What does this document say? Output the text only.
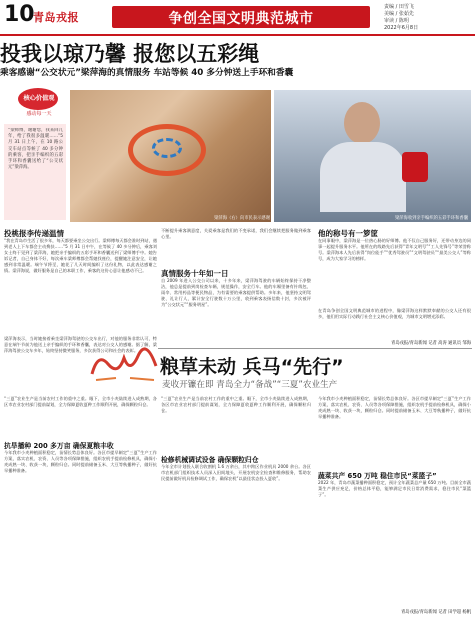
10
青岛戎报	争创全国文明典范城市
责编 / 田雪飞
美编 / 张茹先
审读 / 陈明
2022年6月8日
投我以琼乃馨 报您以五彩绳
乘客感谢“公交状元”梁萍海的真情服务 车站等候 40 多分钟送上手环和香囊
核心价值观
感动每一天
“梁师傅，谢谢您，我来回几年，给了我很多温暖……”5 月 31 日上午，在 10 路公交车站点等候了 40 多分钟的乘客，把亲手编织的五彩手环和香囊送给了“公交状元”梁萍海。
梁萍海（右）向市民表示感谢	梁萍海收到亲手编织的五彩手环和香囊
投桃报李传递温情
“我在青岛市生活了很多年，每天都要乘坐公交出行。梁师傅每天都会准时到站，遇到老人上下车都会主动搀扶……”5 月 31 日中午，在等候了 40 多分钟后，乘客刘女士终于见到了梁萍海，她把亲手编织的五彩手环和香囊送到了梁师傅手中。她告诉记者，自己身体不好，每次乘车梁师傅都会帮她找座位，提醒她注意安全，让她感到非常温暖。端午节将至，她花了几天时间编织了这份礼物，以此表达感谢之情。梁萍海说，做好服务是自己的本职工作，乘客的这份心意让他感动不已。
梁萍海表示，当时她接着乘坐梁萍海驾驶的公交车出行，对他的服务非常认可，特意在端午节前为他送上亲手编织的手环和香囊，表达对公交人的感谢。据了解，梁萍海驾驶公交车多年，始终坚持微笑服务，多次获得公司和社会的表彰。
不断提升乘客满意度，关爱乘客是我们的不变承诺，我们会继续把服务做到乘客心里。
真情服务十年如一日
自 2009 年进入公交公司以来，十多年来，梁萍海驾驶的车辆始终保持干净整洁，他总是提前到岗检查车辆，规范操作，安全行车。他的车厢里备有针线包、雨伞、常用药品等便民物品，为有需要的乘客提供帮助。多年来，他坚持文明驾驶、礼让行人，累计安全行驶数十万公里，收到乘客表扬信数十封，多次被评为“公交状元”“服务明星”。
他的称号有一箩筐
在同事眼中，梁萍海是一位热心肠的好师傅。他不仅自己服务好，还带动身边的同事一起提升服务水平。他所在的线路先后获得“青年文明号”“工人先锋号”等荣誉称号。梁萍海本人先后获得“岗位能手”“优秀驾驶员”“文明驾驶员”“最美公交人”等称号，成为大家学习的榜样。
在青岛争创全国文明典范城市的进程中，像梁萍海这样默默奉献的公交人还有很多，他们用实际行动践行社会主义核心价值观，为城市文明增光添彩。
青岛戎报/青岛新闻 记者 高涛 通讯员 邹海
粮草未动 兵马“先行”
麦收开镰在即 青岛全力“备战”“三夏”农业生产
“三夏”农业生产是当前农村工作的重中之重。眼下，全市小麦陆续进入成熟期，各区市农业农村部门提前谋划，全力保障夏收夏种工作顺利开展，确保颗粒归仓。
抗旱播种 200 多万亩 确保夏粮丰收
今年我市小麦种植面积稳定，苗情长势总体良好。各区市提早制定“三夏”生产工作方案，落实农机、农资、人员等各项保障措施，组织农机手提前检修机具，确保小麦成熟一块、收获一块，颗粒归仓。同时提前储备玉米、大豆等秋播种子，做好抗旱播种准备。
“三夏”农业生产是当前农村工作的重中之重。眼下，全市小麦陆续进入成熟期，各区市农业农村部门提前谋划，全力保障夏收夏种工作顺利开展，确保颗粒归仓。
检修机械调试设备 确保颗粒归仓
今年全市计划投入联合收割机 1.6 万余台，其中跨区作业机具 2000 余台。各区市农机部门组织技术人员深入田间地头，开展农机安全检查和维修服务，帮助农民提前做好机具检修调试工作，确保农机“以最佳状态投入夏收”。
今年我市小麦种植面积稳定，苗情长势总体良好。各区市提早制定“三夏”生产工作方案，落实农机、农资、人员等各项保障措施，组织农机手提前检修机具，确保小麦成熟一块、收获一块，颗粒归仓。同时提前储备玉米、大豆等秋播种子，做好抗旱播种准备。
蔬菜共产 650 万吨 稳住市民“菜篮子”
2022 年，青岛市蔬菜播种面积稳定，预计全年蔬菜总产量 650 万吨。目前全市蔬菜生产供应充足，价格总体平稳，能够满足市民日常消费需求，稳住市民“菜篮子”。
青岛戎报/青岛新闻 记者 田学超 杨帆
